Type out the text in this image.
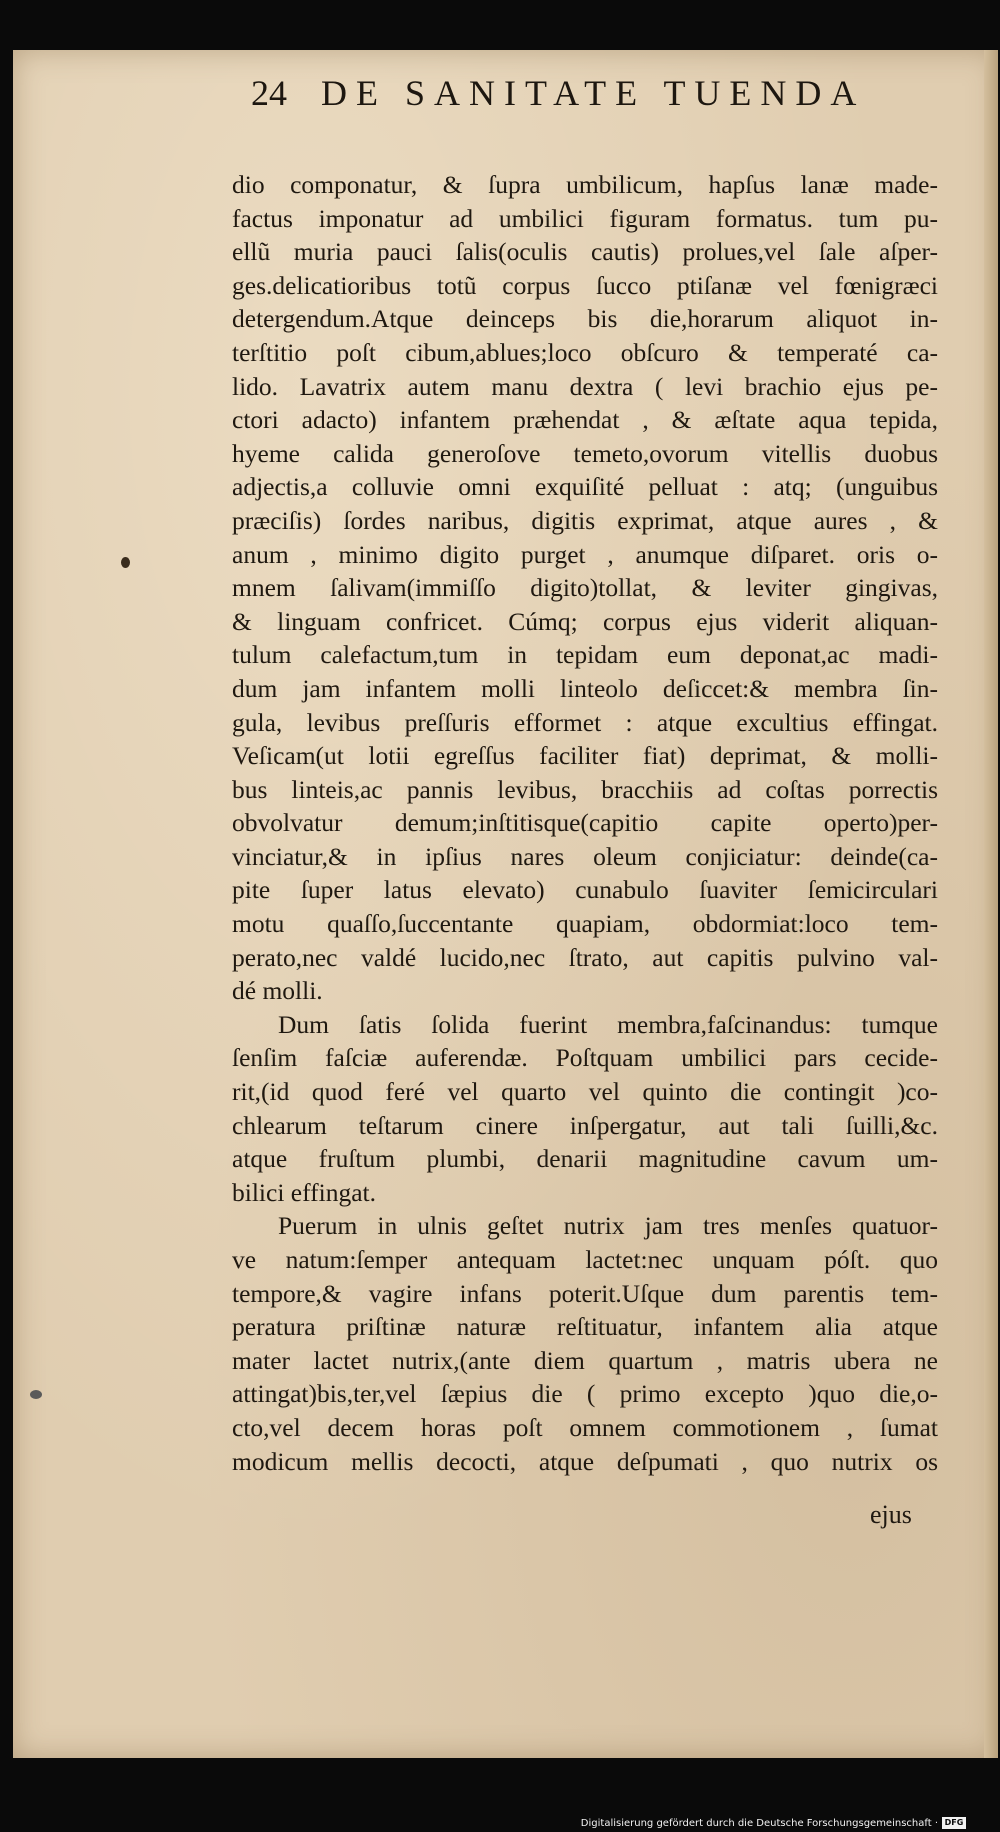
24 DE SANITATE TUENDA
dio componatur, & ſupra umbilicum, hapſus lanæ made-
factus imponatur ad umbilici figuram formatus. tum pu-
ellũ muria pauci ſalis(oculis cautis) prolues,vel ſale aſper-
ges.delicatioribus totũ corpus ſucco ptiſanæ vel fœnigræci
detergendum.Atque deinceps bis die,horarum aliquot in-
terſtitio poſt cibum,ablues;loco obſcuro & temperaté ca-
lido. Lavatrix autem manu dextra ( levi brachio ejus pe-
ctori adacto) infantem præhendat , & æſtate aqua tepida,
hyeme calida generoſove temeto,ovorum vitellis duobus
adjectis,a colluvie omni exquiſité pelluat : atq; (unguibus
præciſis) ſordes naribus, digitis exprimat, atque aures , &
anum , minimo digito purget , anumque diſparet. oris o-
mnem ſalivam(immiſſo digito)tollat, & leviter gingivas,
& linguam confricet. Cúmq; corpus ejus viderit aliquan-
tulum calefactum,tum in tepidam eum deponat,ac madi-
dum jam infantem molli linteolo deſiccet:& membra ſin-
gula, levibus preſſuris efformet : atque excultius effingat.
Veſicam(ut lotii egreſſus faciliter fiat) deprimat, & molli-
bus linteis,ac pannis levibus, bracchiis ad coſtas porrectis
obvolvatur demum;inſtitisque(capitio capite operto)per-
vinciatur,& in ipſius nares oleum conjiciatur: deinde(ca-
pite ſuper latus elevato) cunabulo ſuaviter ſemicirculari
motu quaſſo,ſuccentante quapiam, obdormiat:loco tem-
perato,nec valdé lucido,nec ſtrato, aut capitis pulvino val-
dé molli.
Dum ſatis ſolida fuerint membra,faſcinandus: tumque
ſenſim faſciæ auferendæ. Poſtquam umbilici pars cecide-
rit,(id quod feré vel quarto vel quinto die contingit )co-
chlearum teſtarum cinere inſpergatur, aut tali ſuilli,&c.
atque fruſtum plumbi, denarii magnitudine cavum um-
bilici effingat.
Puerum in ulnis geſtet nutrix jam tres menſes quatuor-
ve natum:ſemper antequam lactet:nec unquam póſt. quo
tempore,& vagire infans poterit.Uſque dum parentis tem-
peratura priſtinæ naturæ reſtituatur, infantem alia atque
mater lactet nutrix,(ante diem quartum , matris ubera ne
attingat)bis,ter,vel ſæpius die ( primo excepto )quo die,o-
cto,vel decem horas poſt omnem commotionem , ſumat
modicum mellis decocti, atque deſpumati , quo nutrix os
ejus
Digitalisierung gefördert durch die Deutsche Forschungsgemeinschaft · DFG
